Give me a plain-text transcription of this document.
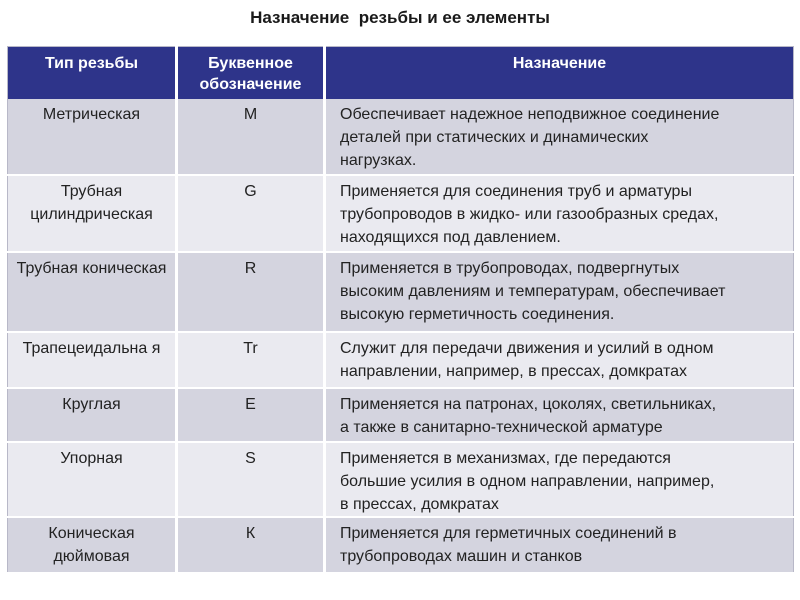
Назначение  резьбы и ее элементы
Тип резьбы	Буквенное обозначение	Назначение
Метрическая	M	Обеспечивает надежное неподвижное соединение
деталей при статических и динамических
нагрузках.
Трубная цилиндрическая	G	Применяется для соединения труб и арматуры
трубопроводов в жидко- или газообразных средах,
находящихся под давлением.
Трубная коническая	R	Применяется в трубопроводах, подвергнутых
высоким давлениям и температурам, обеспечивает
высокую герметичность соединения.
Трапецеидальна я	Tr	Служит для передачи движения и усилий в одном
направлении, например, в прессах, домкратах
Круглая	E	Применяется на патронах, цоколях, светильниках,
а также в санитарно-технической арматуре
Упорная	S	Применяется в механизмах, где передаются
большие усилия в одном направлении, например,
в прессах, домкратах
Коническая дюймовая	К	Применяется для герметичных соединений в
трубопроводах машин и станков
